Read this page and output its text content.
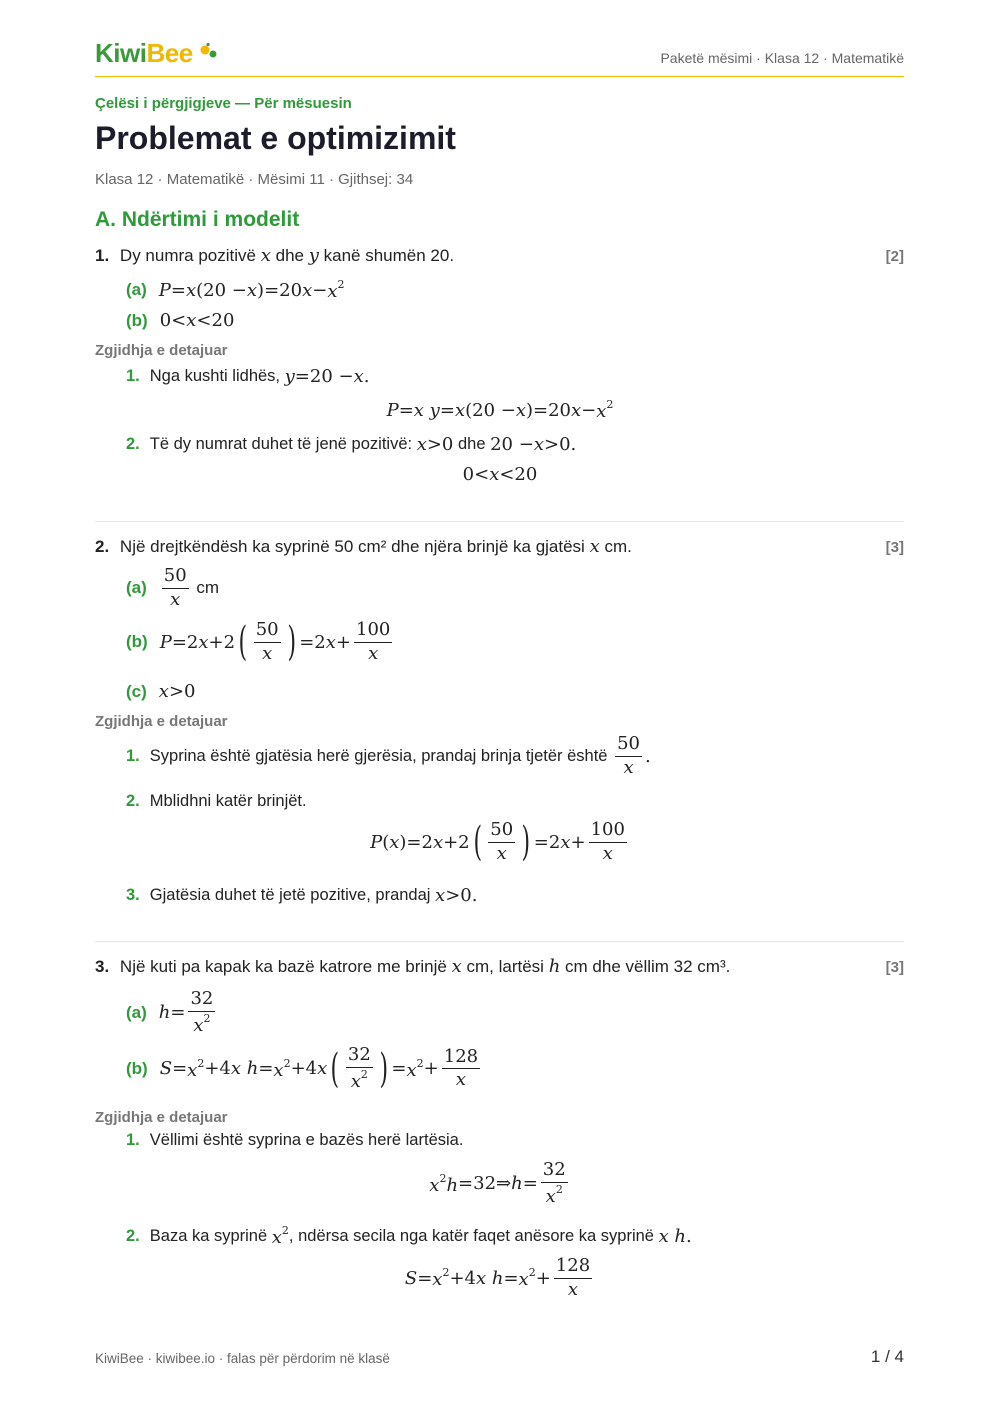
KiwiBee	Paketë mësimi · Klasa 12 · Matematikë
Çelësi i përgjigjeve — Për mësuesin
Problemat e optimizimit
Klasa 12 · Matematikë · Mësimi 11 · Gjithsej: 34
A. Ndërtimi i modelit
1. Dy numra pozitivë x dhe y kanë shumën 20.	[2]
(a) P = x (20 − x )=20 $x - x^2$
(b) 0< x <20
Zgjidhja e detajuar
1. Nga kushti lidhës,
y =20 − x .
P = x y = x (20 − x )=20 $x - x^2$
2. Të dy numrat duhet të jenë pozitivë:
x >0
dhe
20 − x >0.
0< x <20
2. Një drejtkëndësh ka syprinë 50 cm² dhe njëra brinjë ka gjatësi x cm.	[3]
$(a) \frac{50}{x}$
cm
(b) P =2 x +2 ( $\frac{50}{x}$ ) =2 $x + \frac{100}{x}$
(c) x >0
Zgjidhja e detajuar
1. Syprina është gjatësia herë gjerësia, prandaj brinja tjetër është
$\frac{50}{x}$ .
2. Mblidhni katër brinjët.
P ( x )=2 x +2 ( $\frac{50}{x}$ ) =2 $x + \frac{100}{x}$
3. Gjatësia duhet të jetë pozitive, prandaj
x >0.
3. Një kuti pa kapak ka bazë katrore me brinjë x cm, lartësi h cm dhe vëllim 32 cm³.	[3]
(a) $h = \frac{32}{x^2}$
(b) $S = x^2 +4$ x $h = x^2 +4$ x ( $\frac{32}{x^2}$ ) = $x^2 + \frac{128}{x}$
Zgjidhja e detajuar
1. Vëllimi është syprina e bazës herë lartësia.
$x^2h$ =32⇒ $h = \frac{32}{x^2}$
2. Baza ka syprinë
$x^2$ , ndërsa secila nga katër faqet anësore ka syprinë
x h .
$S = x^2 +4$ x $h = x^2 + \frac{128}{x}$
KiwiBee · kiwibee.io · falas për përdorim në klasë	1 / 4
